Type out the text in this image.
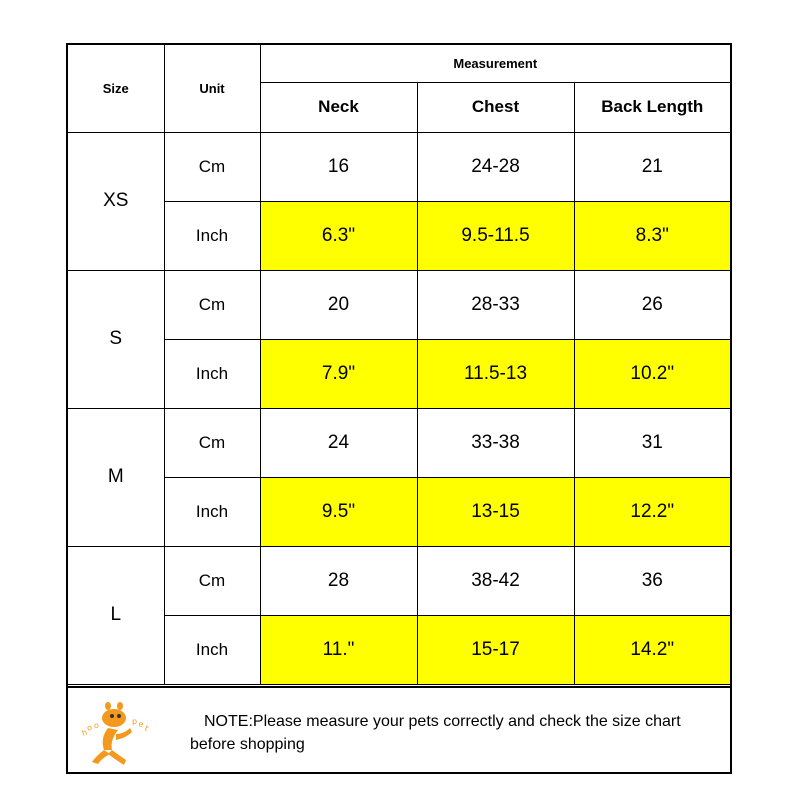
Size	Unit	Measurement		
		Neck	Chest	Back Length
XS	Cm	16	24-28	21
	Inch	6.3"	9.5-11.5	8.3"
S	Cm	20	28-33	26
	Inch	7.9"	11.5-13	10.2"
M	Cm	24	33-38	31
	Inch	9.5"	13-15	12.2"
L	Cm	28	38-42	36
	Inch	11."	15-17	14.2"
h
o o	p e
t	NOTE:Please measure your pets correctly and check the size chart before shopping
